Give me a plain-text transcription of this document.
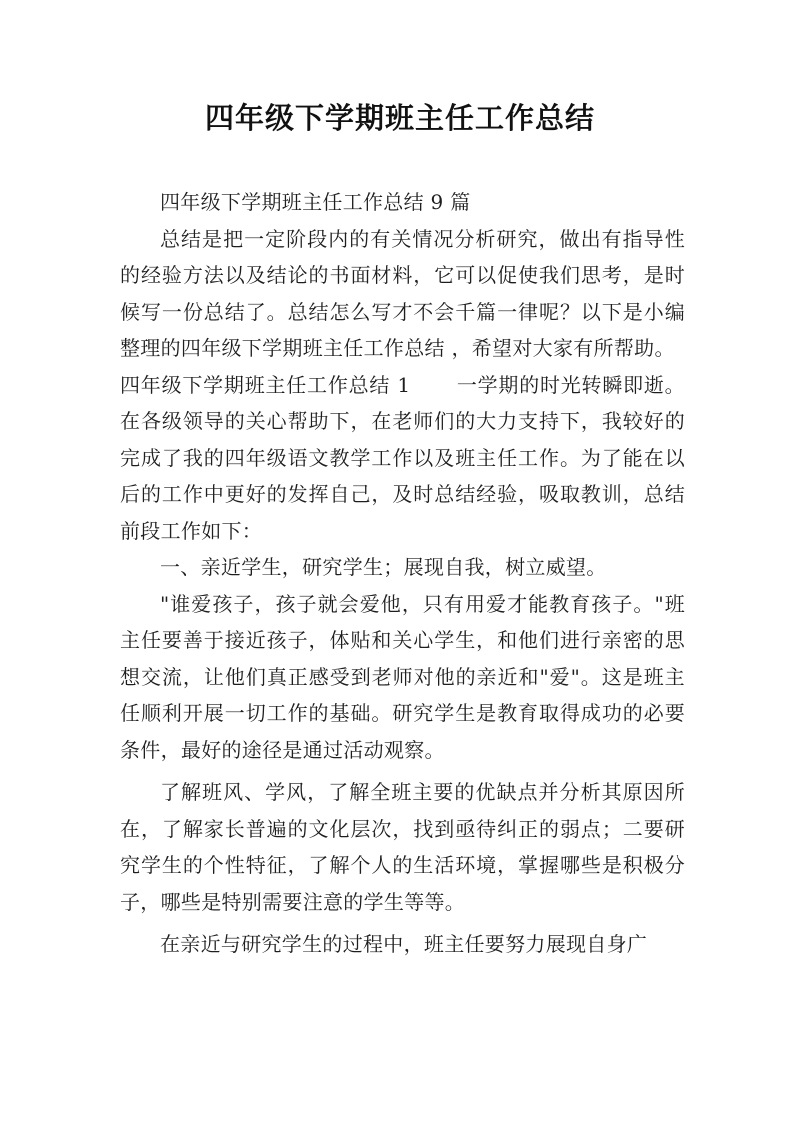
四年级下学期班主任工作总结

四年级下学期班主任工作总结 9 篇

总结是把一定阶段内的有关情况分析研究，做出有指导性的经验方法以及结论的书面材料，它可以促使我们思考，是时候写一份总结了。总结怎么写才不会千篇一律呢？以下是小编整理的四年级下学期班主任工作总结 ，希望对大家有所帮助。

四年级下学期班主任工作总结 1 一学期的时光转瞬即逝。在各级领导的关心帮助下，在老师们的大力支持下，我较好的完成了我的四年级语文教学工作以及班主任工作。为了能在以后的工作中更好的发挥自己，及时总结经验，吸取教训，总结前段工作如下：

一、亲近学生，研究学生；展现自我，树立威望。

"谁爱孩子，孩子就会爱他，只有用爱才能教育孩子。"班主任要善于接近孩子，体贴和关心学生，和他们进行亲密的思想交流，让他们真正感受到老师对他的亲近和"爱"。这是班主任顺利开展一切工作的基础。研究学生是教育取得成功的必要条件，最好的途径是通过活动观察。

了解班风、学风，了解全班主要的优缺点并分析其原因所在，了解家长普遍的文化层次，找到亟待纠正的弱点；二要研究学生的个性特征，了解个人的生活环境，掌握哪些是积极分子，哪些是特别需要注意的学生等等。

在亲近与研究学生的过程中，班主任要努力展现自身广
